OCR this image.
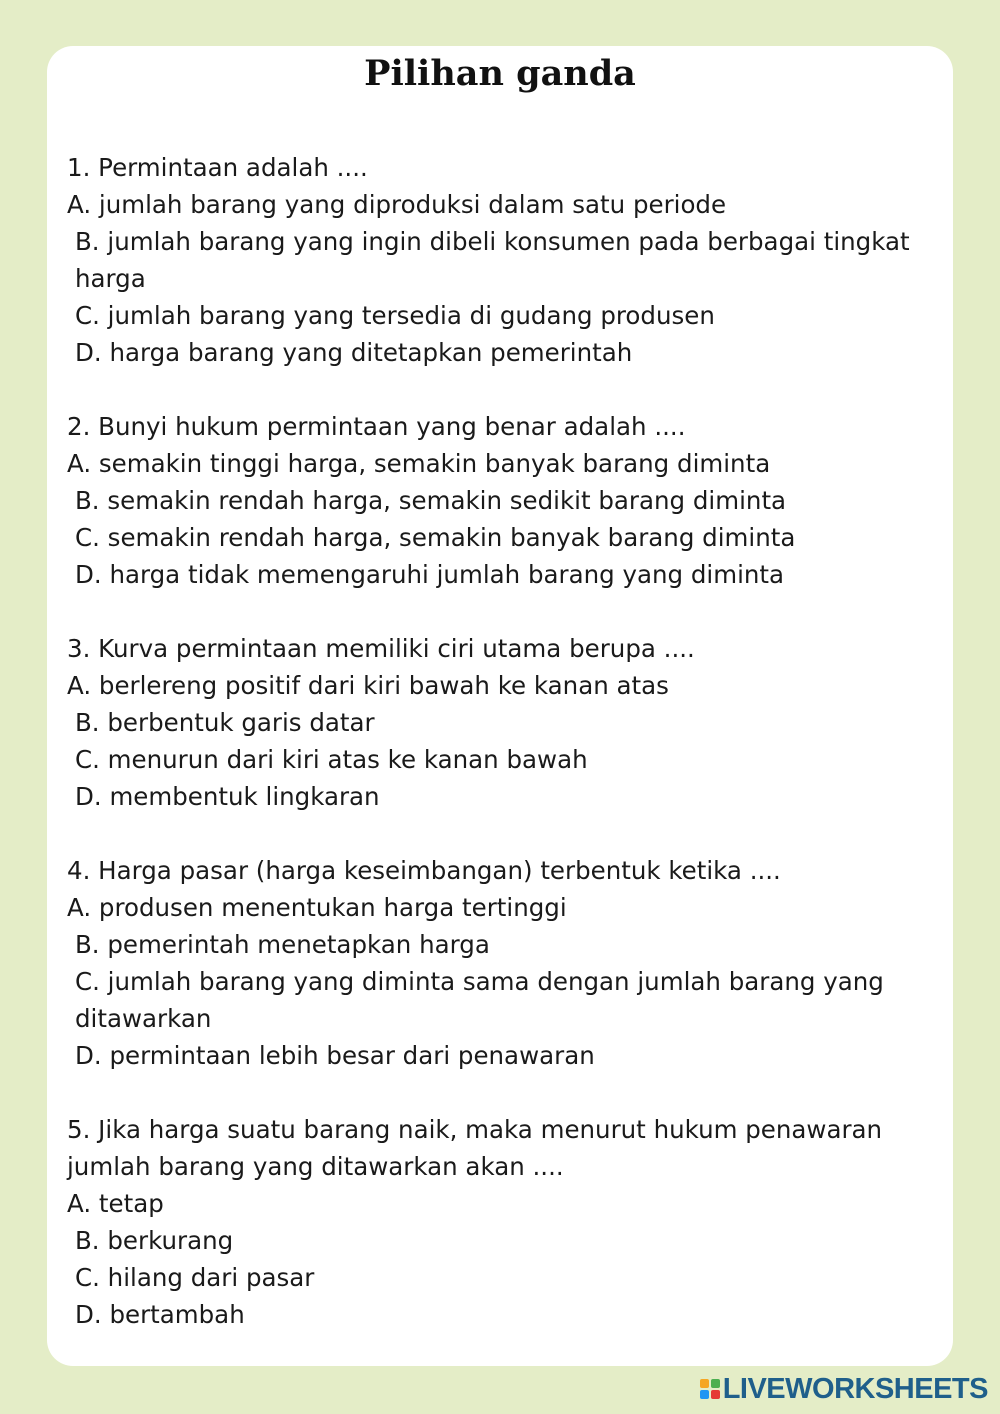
Pilihan ganda
1. Permintaan adalah ....
A. jumlah barang yang diproduksi dalam satu periode
B. jumlah barang yang ingin dibeli konsumen pada berbagai tingkat harga
C. jumlah barang yang tersedia di gudang produsen
D. harga barang yang ditetapkan pemerintah
2. Bunyi hukum permintaan yang benar adalah ....
A. semakin tinggi harga, semakin banyak barang diminta
B. semakin rendah harga, semakin sedikit barang diminta
C. semakin rendah harga, semakin banyak barang diminta
D. harga tidak memengaruhi jumlah barang yang diminta
3. Kurva permintaan memiliki ciri utama berupa ....
A. berlereng positif dari kiri bawah ke kanan atas
B. berbentuk garis datar
C. menurun dari kiri atas ke kanan bawah
D. membentuk lingkaran
4. Harga pasar (harga keseimbangan) terbentuk ketika ....
A. produsen menentukan harga tertinggi
B. pemerintah menetapkan harga
C. jumlah barang yang diminta sama dengan jumlah barang yang ditawarkan
D. permintaan lebih besar dari penawaran
5. Jika harga suatu barang naik, maka menurut hukum penawaran jumlah barang yang ditawarkan akan ....
A. tetap
B. berkurang
C. hilang dari pasar
D. bertambah
LIVEWORKSHEETS
